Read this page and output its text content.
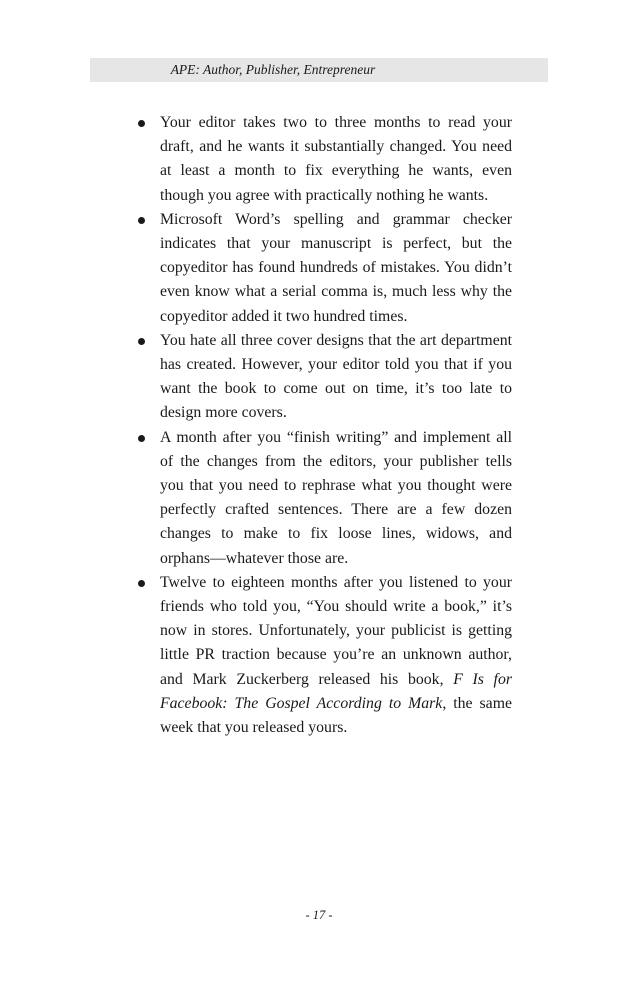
APE: Author, Publisher, Entrepreneur
Your editor takes two to three months to read your draft, and he wants it substantially changed. You need at least a month to fix everything he wants, even though you agree with practically nothing he wants.
Microsoft Word’s spelling and grammar checker indicates that your manuscript is perfect, but the copyeditor has found hundreds of mistakes. You didn’t even know what a serial comma is, much less why the copyeditor added it two hundred times.
You hate all three cover designs that the art department has created. However, your editor told you that if you want the book to come out on time, it’s too late to design more covers.
A month after you “finish writing” and implement all of the changes from the editors, your publisher tells you that you need to rephrase what you thought were perfectly crafted sentences. There are a few dozen changes to make to fix loose lines, widows, and orphans—whatever those are.
Twelve to eighteen months after you listened to your friends who told you, “You should write a book,” it’s now in stores. Unfortunately, your publicist is getting little PR traction because you’re an unknown author, and Mark Zuckerberg released his book, F Is for Facebook: The Gospel According to Mark, the same week that you released yours.
- 17 -
